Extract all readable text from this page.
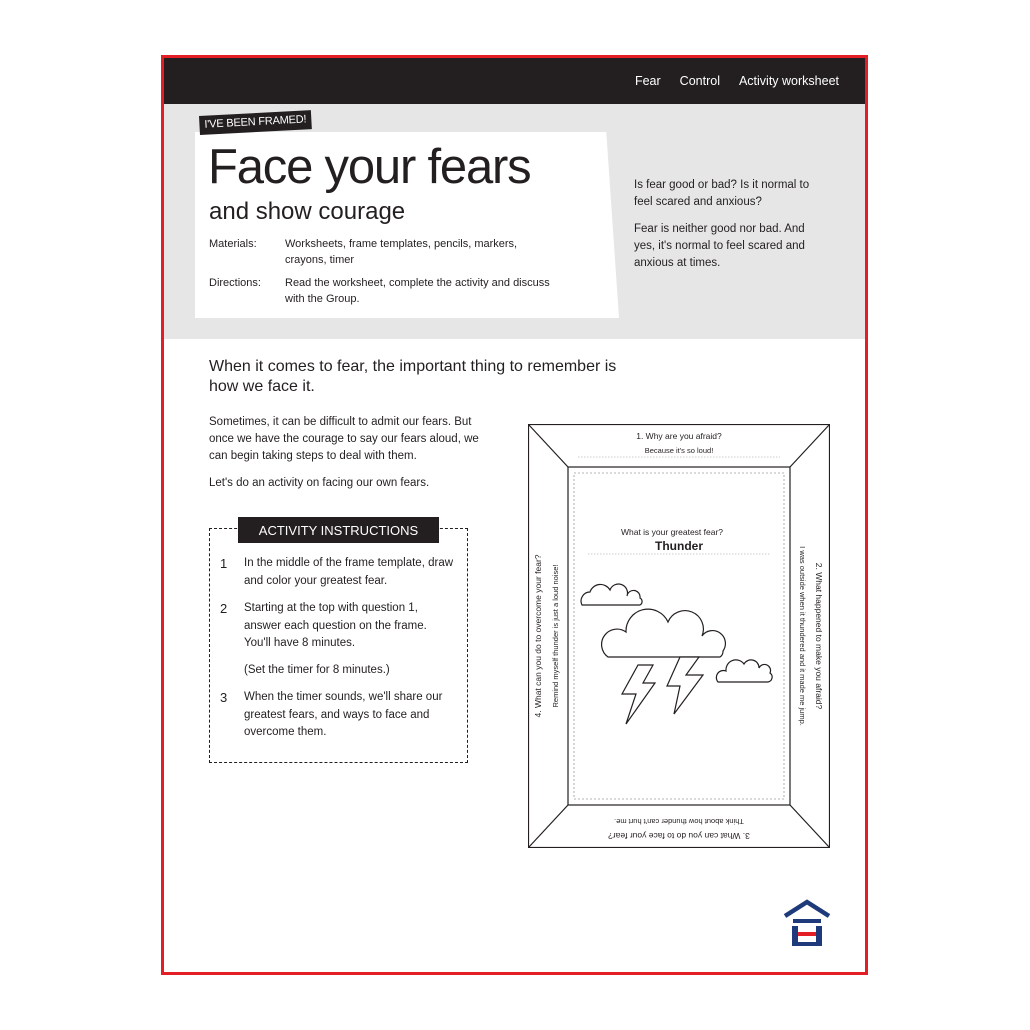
Fear Control Activity worksheet
I'VE BEEN FRAMED!
Face your fears
and show courage
Materials:	Worksheets, frame templates, pencils, markers, crayons, timer
Directions:	Read the worksheet, complete the activity and discuss with the Group.

Is fear good or bad? Is it normal to feel scared and anxious?

Fear is neither good nor bad. And yes, it's normal to feel scared and anxious at times.

When it comes to fear, the important thing to remember is how we face it.

Sometimes, it can be difficult to admit our fears. But once we have the courage to say our fears aloud, we can begin taking steps to deal with them.

Let's do an activity on facing our own fears.

ACTIVITY INSTRUCTIONS
1 In the middle of the frame template, draw and color your greatest fear.
2 Starting at the top with question 1, answer each question on the frame. You'll have 8 minutes.
(Set the timer for 8 minutes.)
3 When the timer sounds, we'll share our greatest fears, and ways to face and overcome them.
1. Why are you afraid?
Because it's so loud!
2. What happened to make you afraid?
I was outside when it thundered and it made me jump.
3. What can you do to face your fear?
Think about how thunder can't hurt me.
4. What can you do to overcome your fear? Remind myself thunder is just a loud noise!
What is your greatest fear?
Thunder
